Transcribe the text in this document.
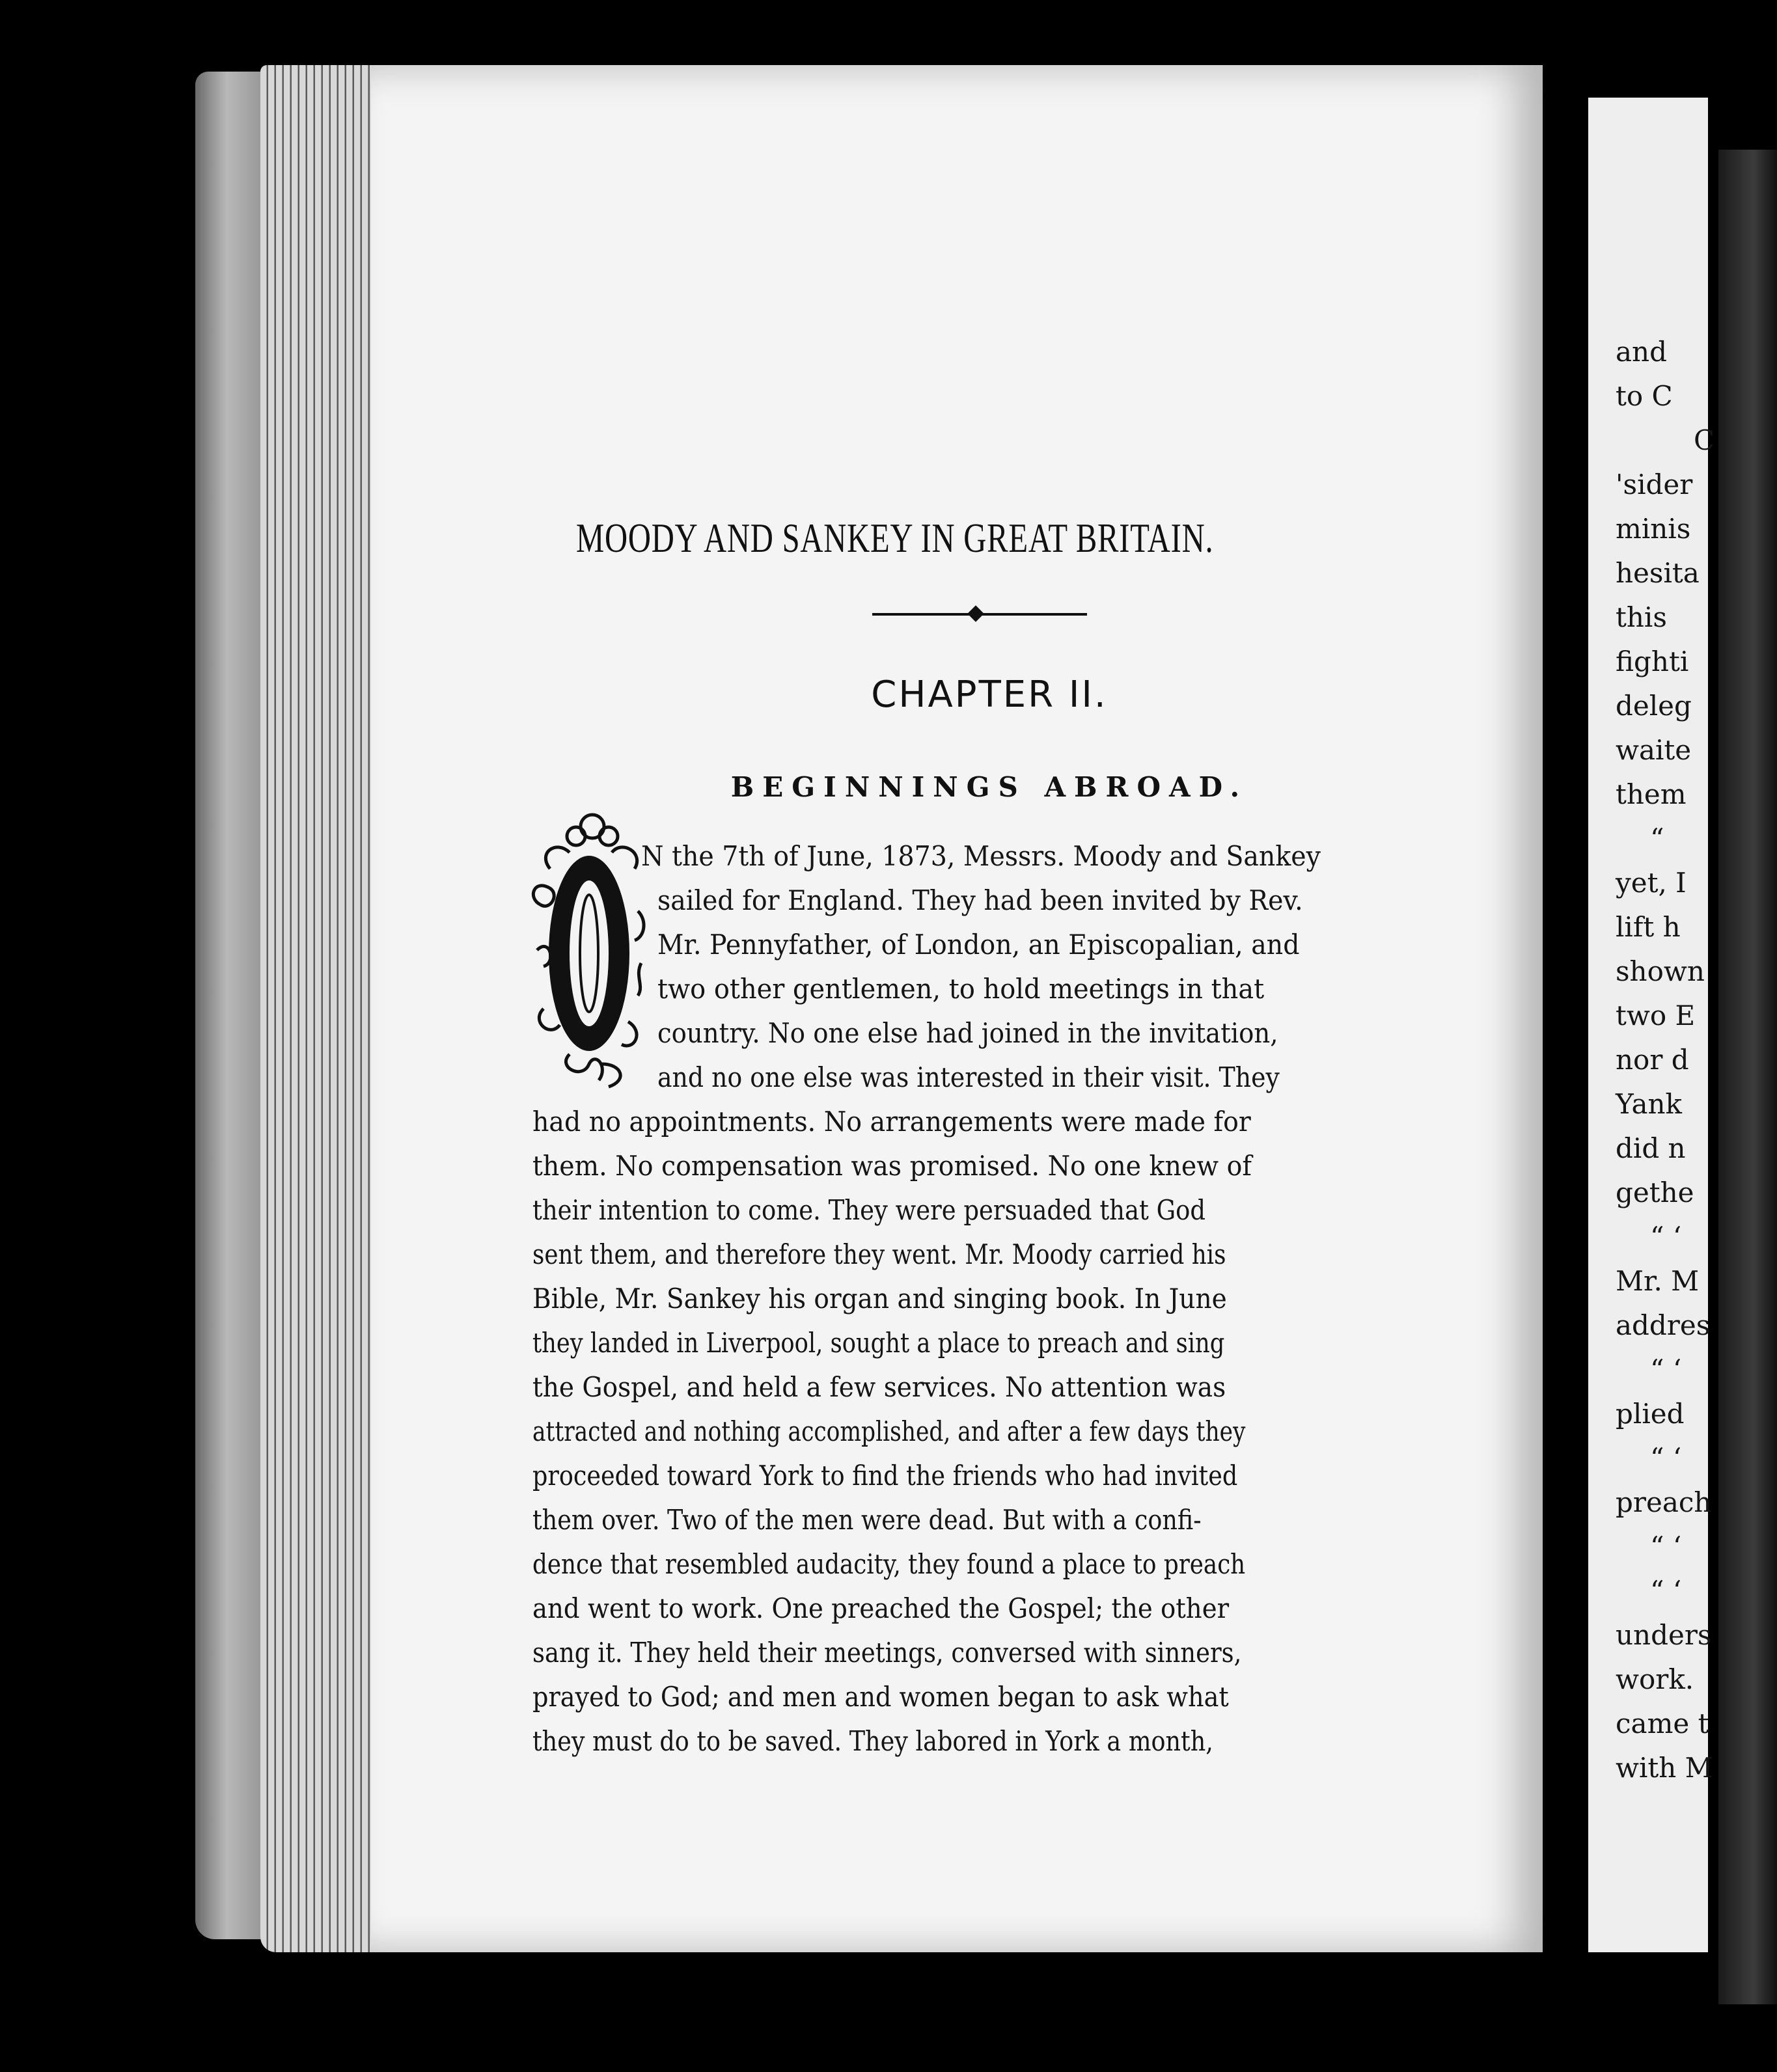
MOODY AND SANKEY IN GREAT BRITAIN.
CHAPTER II.
BEGINNINGS ABROAD.

N the 7th of June, 1873, Messrs. Moody and Sankey

sailed for England. They had been invited by Rev.

Mr. Pennyfather, of London, an Episcopalian, and

two other gentlemen, to hold meetings in that

country. No one else had joined in the invitation,

and no one else was interested in their visit. They

had no appointments. No arrangements were made for

them. No compensation was promised. No one knew of

their intention to come. They were persuaded that God

sent them, and therefore they went. Mr. Moody carried his

Bible, Mr. Sankey his organ and singing book. In June

they landed in Liverpool, sought a place to preach and sing

the Gospel, and held a few services. No attention was

attracted and nothing accomplished, and after a few days they

proceeded toward York to find the friends who had invited

them over. Two of the men were dead. But with a confi-

dence that resembled audacity, they found a place to preach

and went to work. One preached the Gospel; the other

sang it. They held their meetings, conversed with sinners,

prayed to God; and men and women began to ask what

they must do to be saved. They labored in York a month,

and

to C

C

'sider

minis

hesita

this

fighti

deleg

waite

them

“

yet, I

lift h

shown

two E

nor d

Yank

did n

gethe

“ ‘

Mr. M

addres

“ ‘

plied

“ ‘

preach

“ ‘

“ ‘

unders

work.

came t

with M
